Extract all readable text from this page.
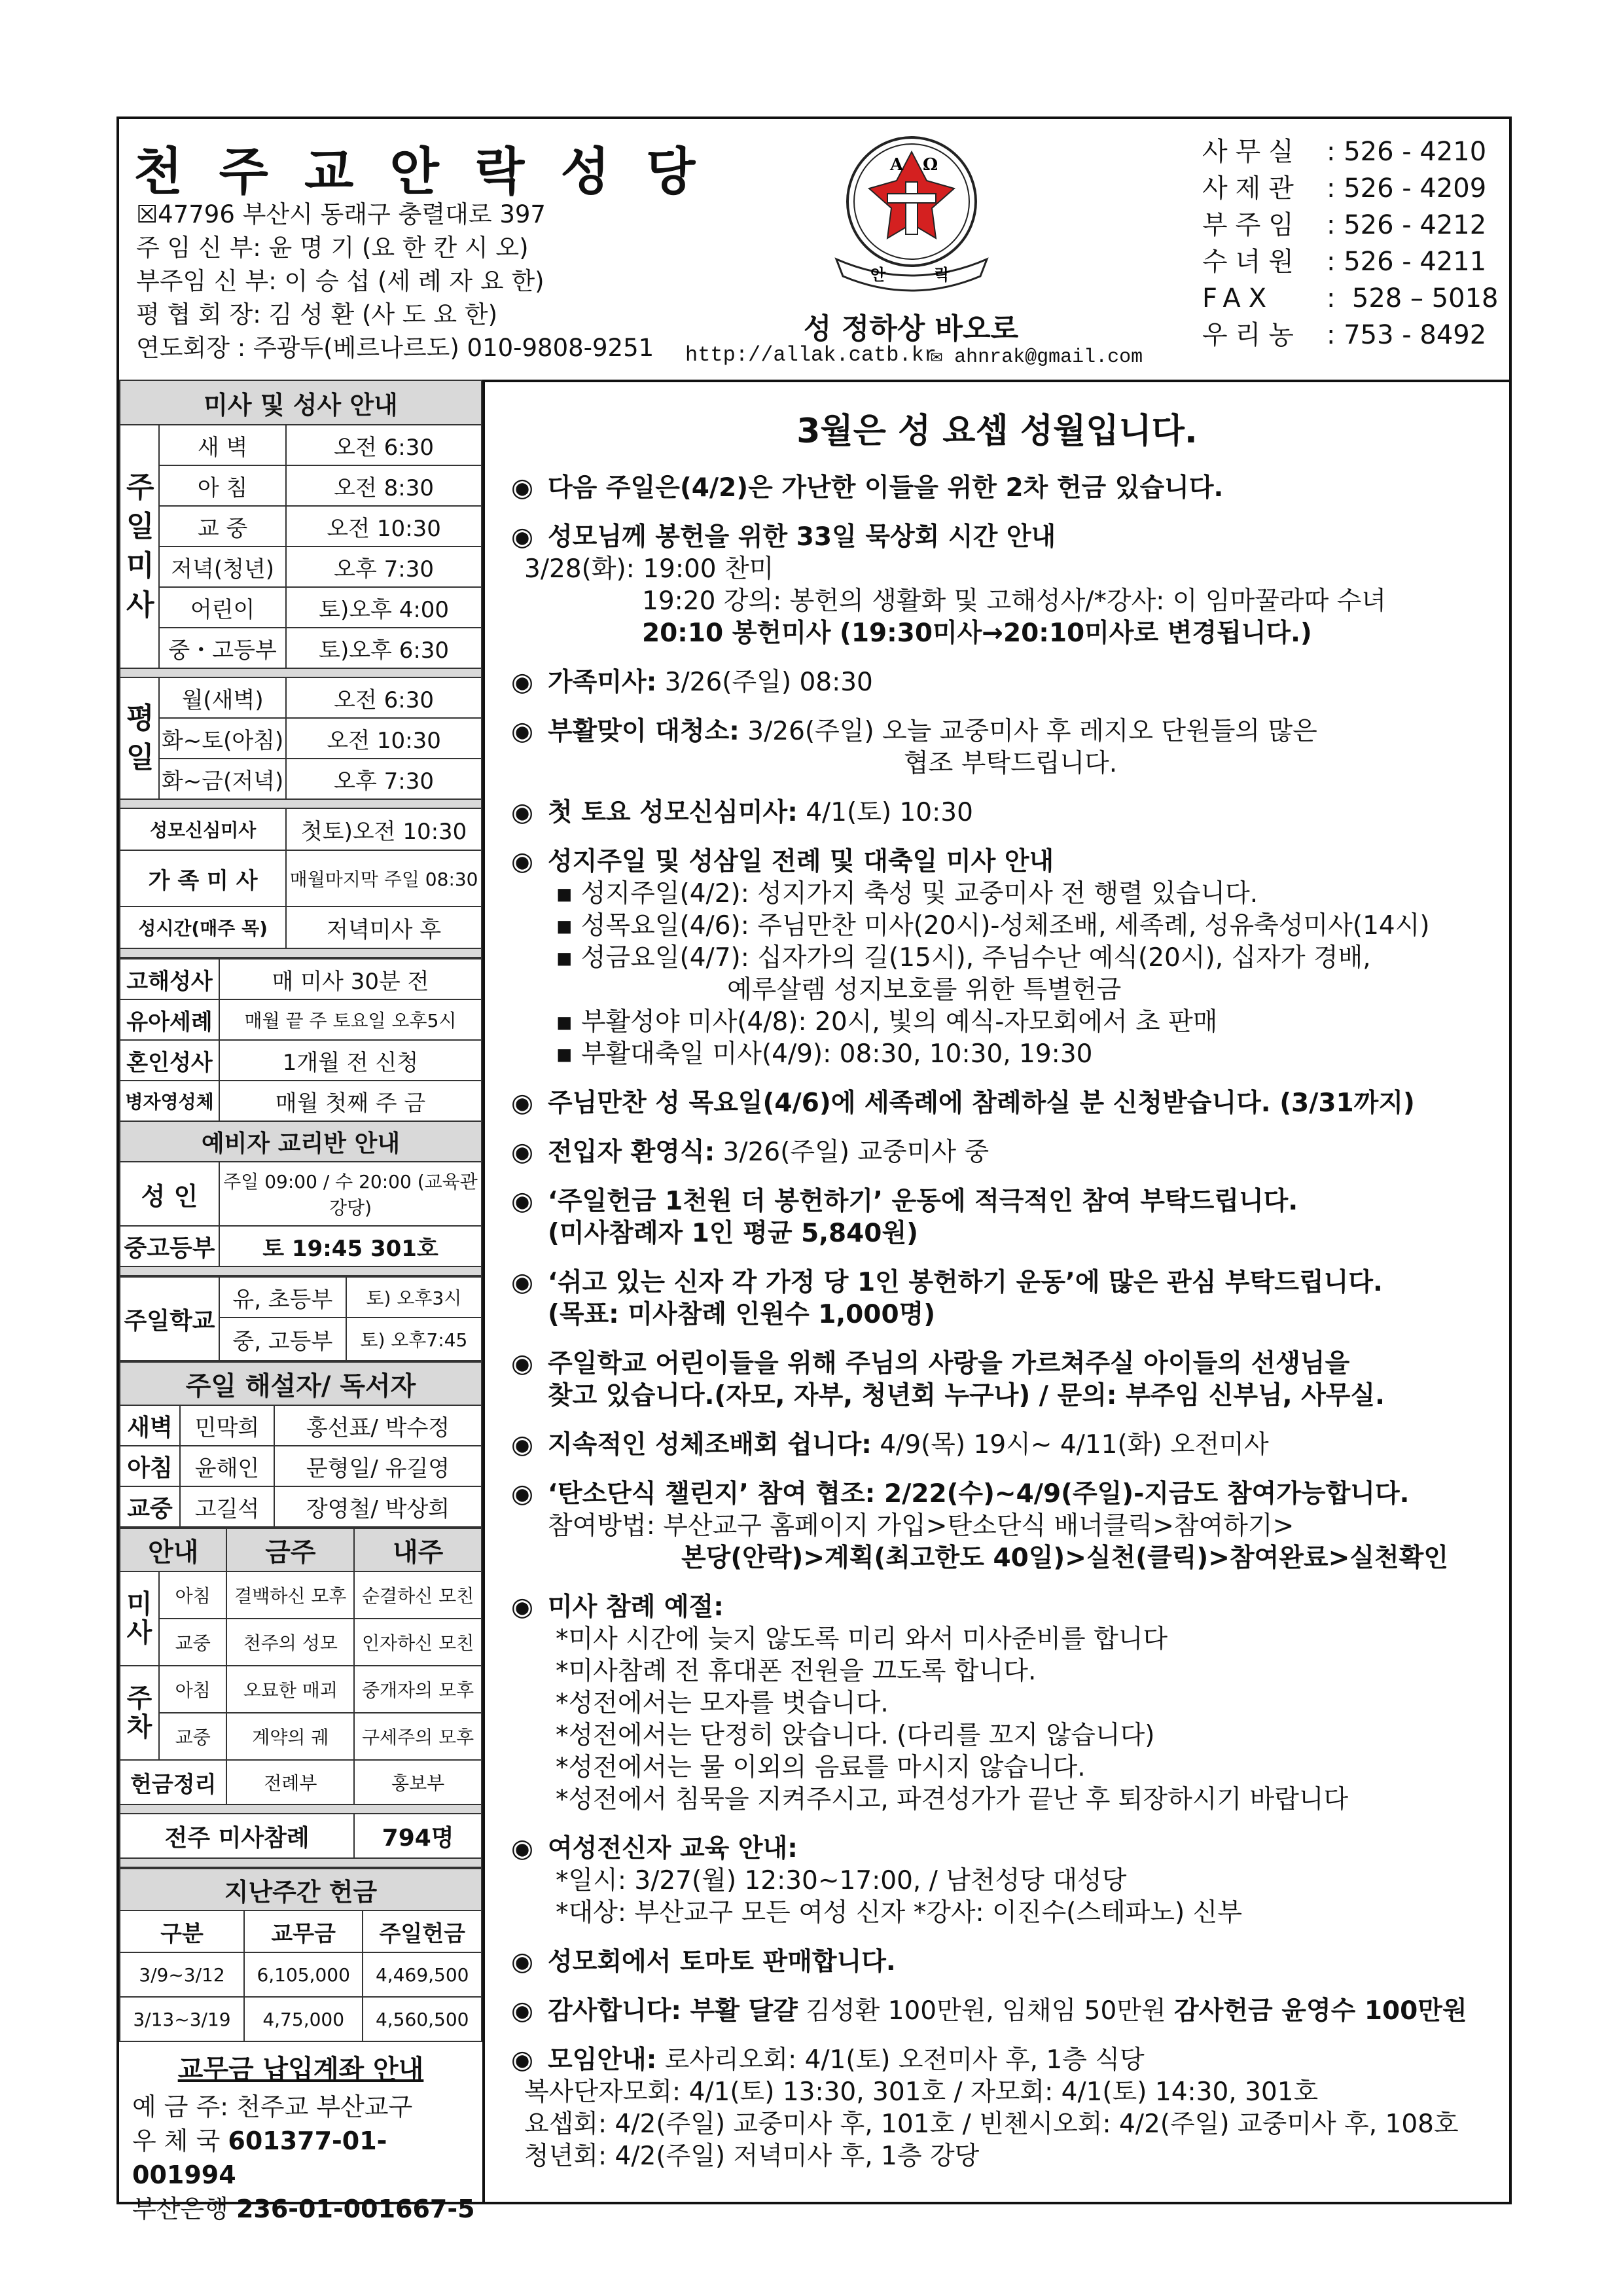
천 주 교 안 락 성 당
☒47796 부산시 동래구 충렬대로 397
주 임 신 부: 윤 명 기 (요 한 칸 시 오)
부주임 신 부: 이 승 섭 (세 례 자 요 한)
평 협 회 장: 김 성 환 (사 도 요 한)
연도회장 : 주광두(베르나르도) 010-9808-9251
Α Ω
안	락
성 정하상 바오로
http://allak.catb.kr
✉ ahnrak@gmail.com
사무실 : 526 - 4210
사제관 : 526 - 4209
부주임 : 526 - 4212
수녀원 : 526 - 4211
FAX	:  528 – 5018
우리농 : 753 - 8492
미사 및 성사 안내		

주일미사	새 벽	오전 6:30
	아 침	오전 8:30
	교 중	오전 10:30
	저녁(청년)	오후 7:30
	어린이	토)오후 4:00
	중・고등부	토)오후 6:30

평일	월(새벽)	오전 6:30
	화~토(아침)	오전 10:30
	화~금(저녁)	오후 7:30

성모신심미사		첫토)오전 10:30
가 족 미 사		매월마지막 주일 08:30
성시간(매주 목)		저녁미사 후

고해성사	매 미사 30분 전
유아세례	매월 끝 주 토요일 오후5시
혼인성사	1개월 전 신청
병자영성체	매월 첫째 주 금
예비자 교리반 안내	
성 인	주일 09:00 / 수 20:00 (교육관 강당)
중고등부	토 19:45 301호

주일학교	유, 초등부	토) 오후3시
	중, 고등부	토) 오후7:45
주일 해설자/ 독서자		
새벽	민막희	홍선표/ 박수정
아침	윤해인	문형일/ 유길영
교중	고길석	장영철/ 박상희
안내		금주	내주

미사	아침	결백하신 모후	순결하신 모친
	교중	천주의 성모	인자하신 모친

주차	아침	오묘한 매괴	중개자의 모후
	교중	계약의 궤	구세주의 모후
헌금정리		전례부	홍보부

전주 미사참례			794명

지난주간 헌금		
구분	교무금	주일헌금
3/9~3/12	6,105,000	4,469,500
3/13~3/19	4,75,000	4,560,500
교무금 납입계좌 안내
예 금 주: 천주교 부산교구
우 체 국 601377-01-001994
부산은행 236-01-001667-5
3월은 성 요셉 성월입니다.
◉ 다음 주일은(4/2)은 가난한 이들을 위한 2차 헌금 있습니다.
◉ 성모님께 봉헌을 위한 33일 묵상회 시간 안내
3/28(화): 19:00 찬미
19:20 강의: 봉헌의 생활화 및 고해성사/*강사: 이 임마꿀라따 수녀
20:10 봉헌미사 (19:30미사→20:10미사로 변경됩니다.)
◉ 가족미사: 3/26(주일) 08:30
◉ 부활맞이 대청소: 3/26(주일) 오늘 교중미사 후 레지오 단원들의 많은
협조 부탁드립니다.
◉ 첫 토요 성모신심미사: 4/1(토) 10:30
◉ 성지주일 및 성삼일 전례 및 대축일 미사 안내
▪ 성지주일(4/2): 성지가지 축성 및 교중미사 전 행렬 있습니다.
▪ 성목요일(4/6): 주님만찬 미사(20시)-성체조배, 세족례, 성유축성미사(14시)
▪ 성금요일(4/7): 십자가의 길(15시), 주님수난 예식(20시), 십자가 경배,
예루살렘 성지보호를 위한 특별헌금
▪ 부활성야 미사(4/8): 20시, 빛의 예식-자모회에서 초 판매
▪ 부활대축일 미사(4/9): 08:30, 10:30, 19:30
◉ 주님만찬 성 목요일(4/6)에 세족례에 참례하실 분 신청받습니다. (3/31까지)
◉ 전입자 환영식: 3/26(주일) 교중미사 중
◉ ‘주일헌금 1천원 더 봉헌하기’ 운동에 적극적인 참여 부탁드립니다.
(미사참례자 1인 평균 5,840원)
◉ ‘쉬고 있는 신자 각 가정 당 1인 봉헌하기 운동’에 많은 관심 부탁드립니다.
(목표: 미사참례 인원수 1,000명)
◉ 주일학교 어린이들을 위해 주님의 사랑을 가르쳐주실 아이들의 선생님을
찾고 있습니다.(자모, 자부, 청년회 누구나) / 문의: 부주임 신부님, 사무실.
◉ 지속적인 성체조배회 쉽니다: 4/9(목) 19시~ 4/11(화) 오전미사
◉ ‘탄소단식 챌린지’ 참여 협조: 2/22(수)~4/9(주일)-지금도 참여가능합니다.
참여방법: 부산교구 홈페이지 가입>탄소단식 배너클릭>참여하기>
본당(안락)>계획(최고한도 40일)>실천(클릭)>참여완료>실천확인
◉ 미사 참례 예절:
*미사 시간에 늦지 않도록 미리 와서 미사준비를 합니다
*미사참례 전 휴대폰 전원을 끄도록 합니다.
*성전에서는 모자를 벗습니다.
*성전에서는 단정히 앉습니다. (다리를 꼬지 않습니다)
*성전에서는 물 이외의 음료를 마시지 않습니다.
*성전에서 침묵을 지켜주시고, 파견성가가 끝난 후 퇴장하시기 바랍니다
◉ 여성전신자 교육 안내:
*일시: 3/27(월) 12:30~17:00, / 남천성당 대성당
*대상: 부산교구 모든 여성 신자 *강사: 이진수(스테파노) 신부
◉ 성모회에서 토마토 판매합니다.
◉ 감사합니다: 부활 달걀 김성환 100만원, 임채임 50만원 감사헌금 윤영수 100만원
◉ 모임안내: 로사리오회: 4/1(토) 오전미사 후, 1층 식당
복사단자모회: 4/1(토) 13:30, 301호 / 자모회: 4/1(토) 14:30, 301호
요셉회: 4/2(주일) 교중미사 후, 101호 / 빈첸시오회: 4/2(주일) 교중미사 후, 108호
청년회: 4/2(주일) 저녁미사 후, 1층 강당
